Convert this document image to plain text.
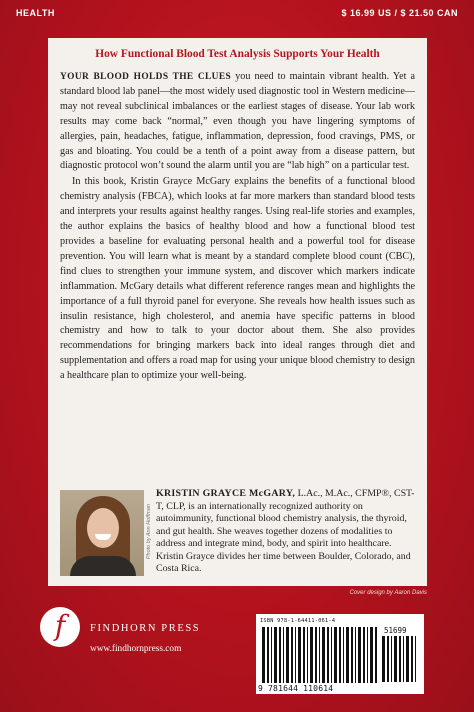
HEALTH	$ 16.99 US / $ 21.50 CAN
How Functional Blood Test Analysis Supports Your Health

YOUR BLOOD HOLDS THE CLUES you need to maintain vibrant health. Yet a standard blood lab panel—the most widely used diagnostic tool in Western medicine—may not reveal subclinical imbalances or the earliest stages of disease. Your lab work results may come back “normal,” even though you have lingering symptoms of allergies, pain, headaches, fatigue, inflammation, depression, food cravings, PMS, or gas and bloating. You could be a tenth of a point away from a disease pattern, but diagnostic protocol won’t sound the alarm until you are “lab high” on a particular test.

In this book, Kristin Grayce McGary explains the benefits of a functional blood chemistry analysis (FBCA), which looks at far more markers than standard blood tests and interprets your results against healthy ranges. Using real-life stories and examples, the author explains the basics of healthy blood and how a functional blood test provides a baseline for evaluating personal health and a powerful tool for disease prevention. You will learn what is meant by a standard complete blood count (CBC), find clues to strengthen your immune system, and discover which markers indicate inflammation. McGary details what different reference ranges mean and highlights the importance of a full thyroid panel for everyone. She reveals how health issues such as insulin resistance, high cholesterol, and anemia have specific patterns in blood chemistry and how to talk to your doctor about them. She also provides recommendations for bringing markers back into ideal ranges through diet and supplementation and offers a road map for using your unique blood chemistry to design a healthcare plan to optimize your well-being.

Photo by Ann Hoffman

KRISTIN GRAYCE McGARY, L.Ac., M.Ac., CFMP®, CST-T, CLP, is an internationally recognized authority on autoimmunity, functional blood chemistry analysis, the thyroid, and gut health. She weaves together dozens of modalities to address and integrate mind, body, and spirit into healthcare. Kristin Grayce divides her time between Boulder, Colorado, and Costa Rica.

Cover design by Aaron Davis
f	FINDHORN PRESS
www.findhornpress.com
ISBN 978-1-64411-061-4
51699
9 781644 110614
